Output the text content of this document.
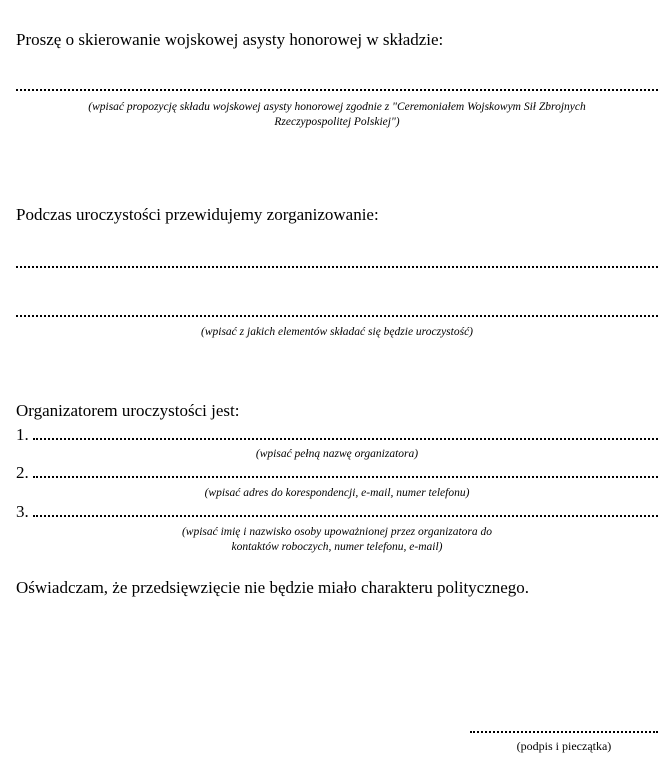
Proszę o skierowanie wojskowej asysty honorowej w składzie:
(wpisać propozycję składu wojskowej asysty honorowej zgodnie z "Ceremoniałem Wojskowym Sił Zbrojnych
Rzeczypospolitej Polskiej")
Podczas uroczystości przewidujemy zorganizowanie:
(wpisać z jakich elementów składać się będzie uroczystość)
Organizatorem uroczystości jest:
1.
(wpisać pełną nazwę organizatora)
2.
(wpisać adres do korespondencji, e-mail, numer telefonu)
3.
(wpisać imię i nazwisko osoby upoważnionej przez organizatora do
kontaktów roboczych, numer telefonu, e-mail)
Oświadczam, że przedsięwzięcie nie będzie miało charakteru politycznego.
(podpis i pieczątka)
